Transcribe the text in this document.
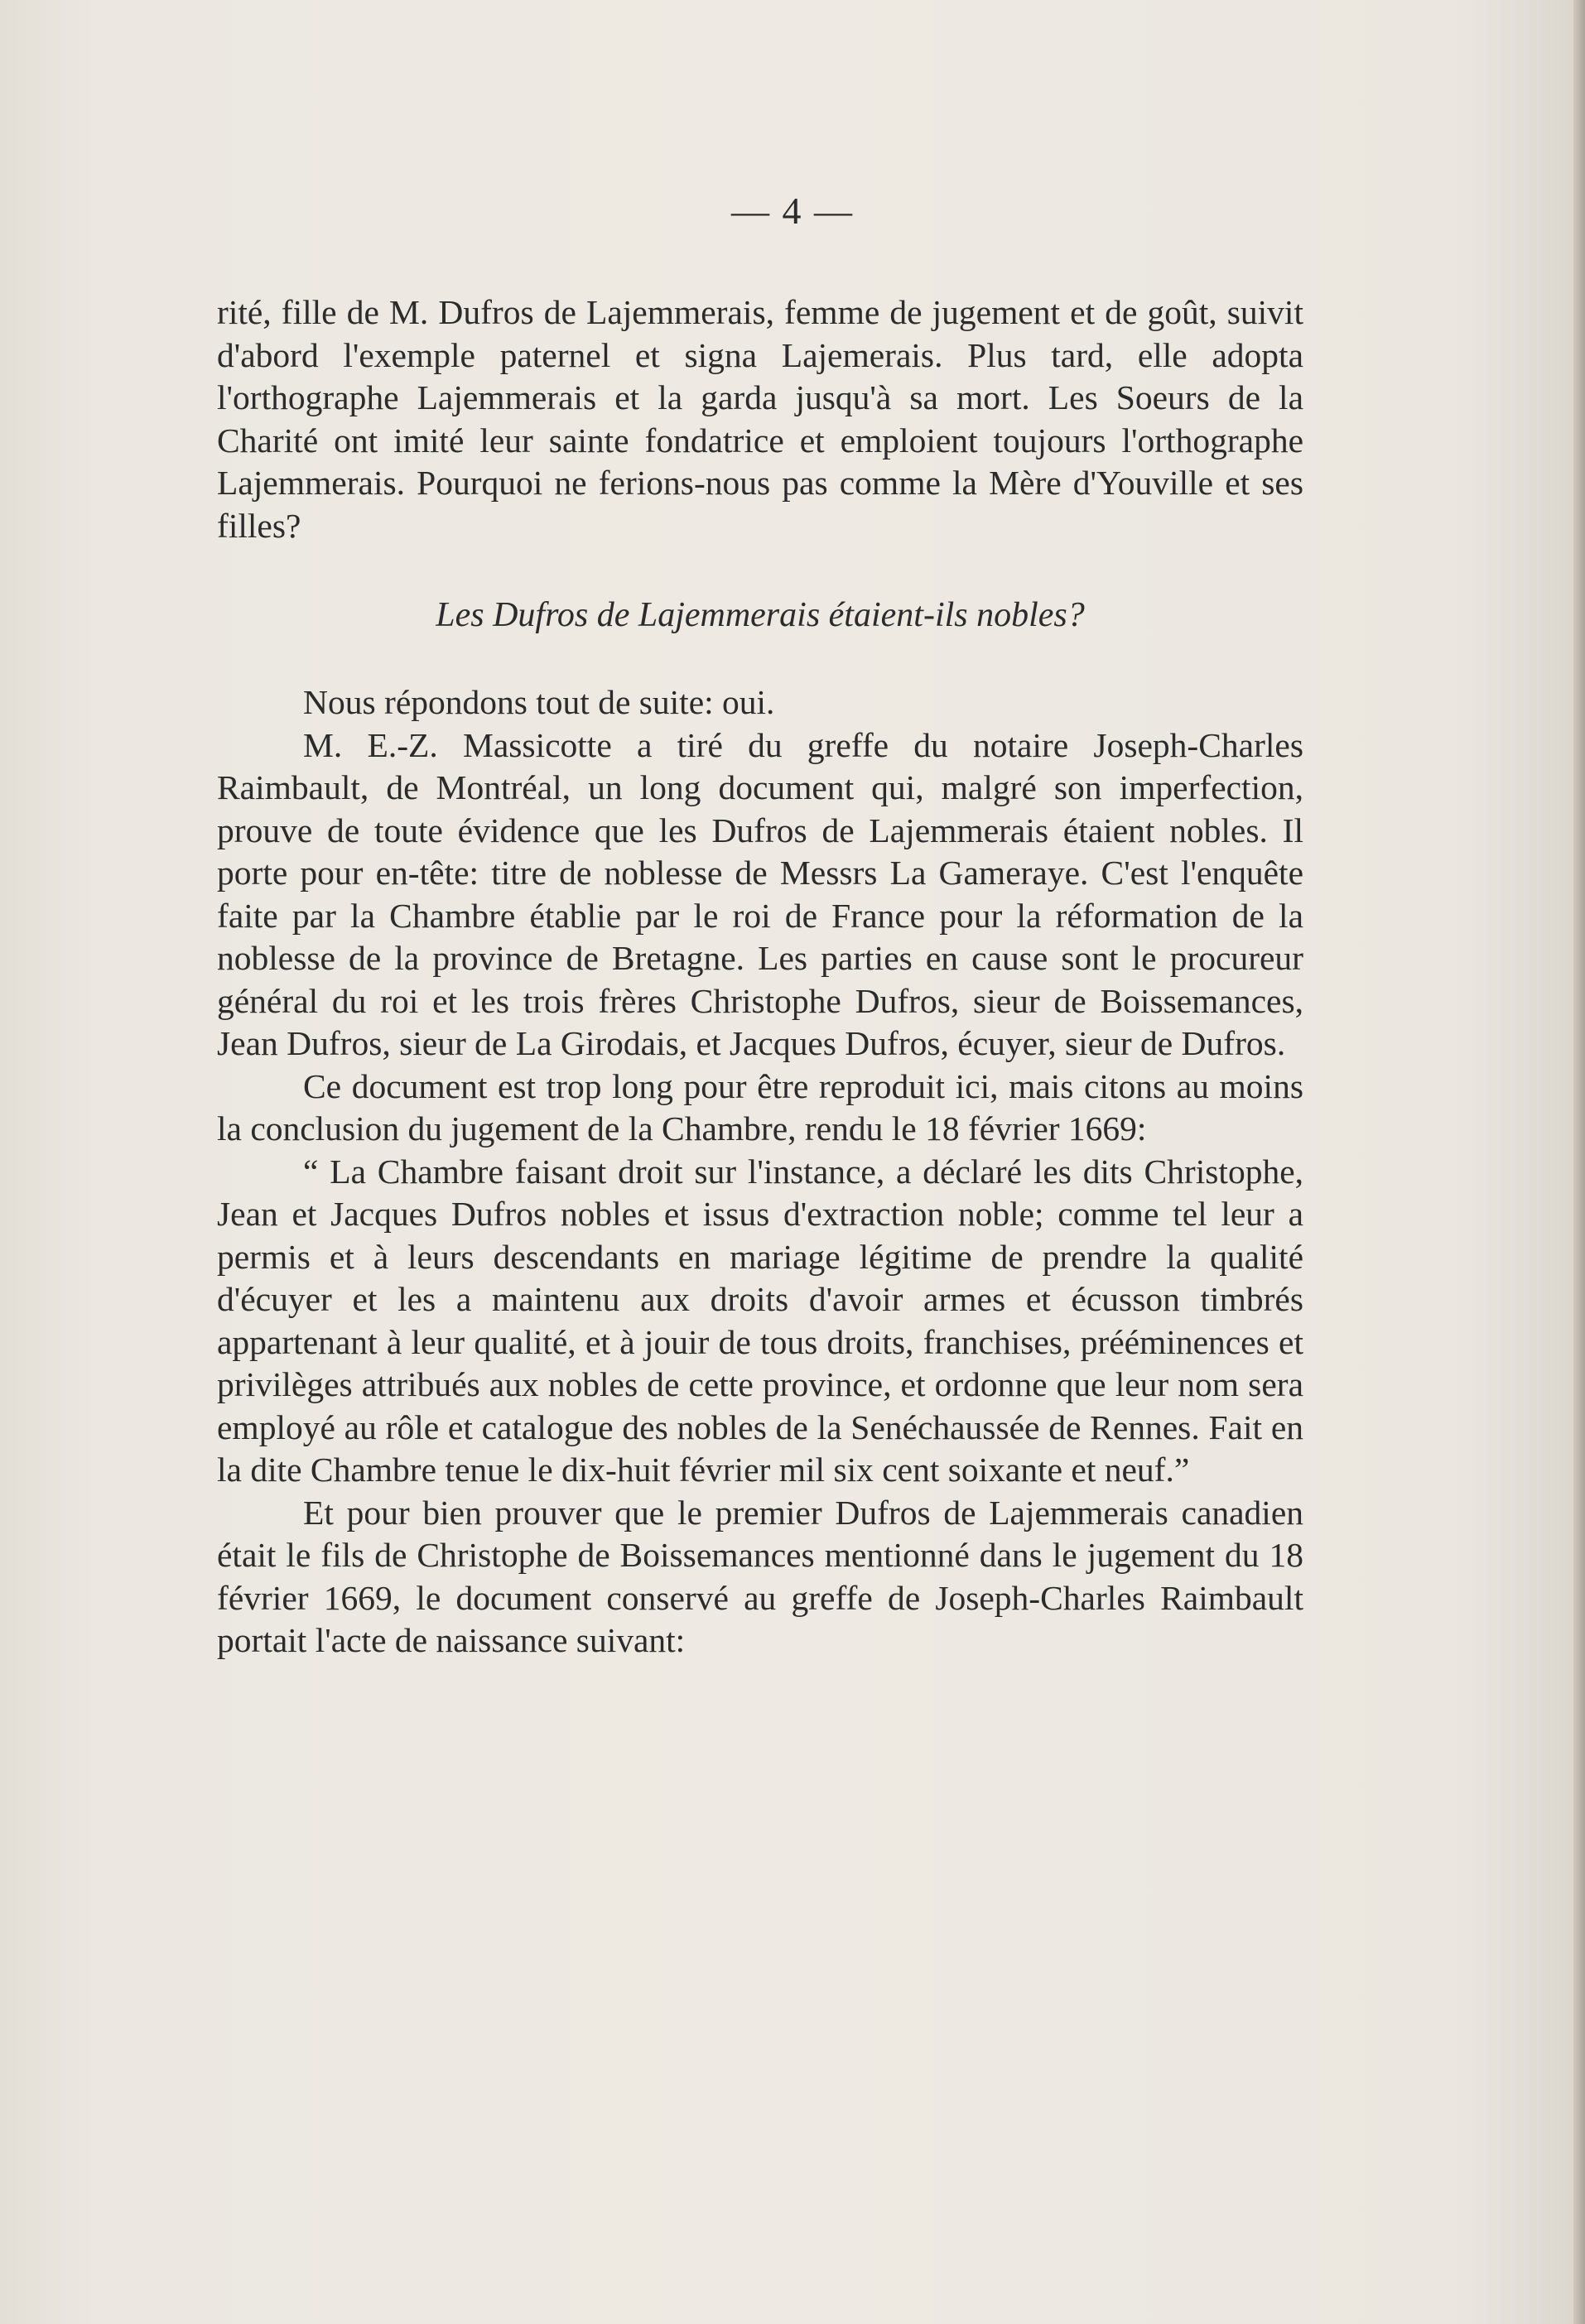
— 4 —

rité, fille de M. Dufros de Lajemmerais, femme de jugement et de goût, suivit d'abord l'exemple paternel et signa Lajemerais. Plus tard, elle adopta l'orthographe Lajemmerais et la garda jusqu'à sa mort. Les Soeurs de la Charité ont imité leur sainte fondatrice et emploient toujours l'orthographe Lajemmerais. Pourquoi ne ferions-nous pas comme la Mère d'Youville et ses filles?

Les Dufros de Lajemmerais étaient-ils nobles?

Nous répondons tout de suite: oui.

M. E.-Z. Massicotte a tiré du greffe du notaire Joseph-Charles Raimbault, de Montréal, un long document qui, malgré son imperfection, prouve de toute évidence que les Dufros de Lajemmerais étaient nobles. Il porte pour en-tête: titre de noblesse de Messrs La Gameraye. C'est l'enquête faite par la Chambre établie par le roi de France pour la réformation de la noblesse de la province de Bretagne. Les parties en cause sont le procureur général du roi et les trois frères Christophe Dufros, sieur de Boissemances, Jean Dufros, sieur de La Girodais, et Jacques Dufros, écuyer, sieur de Dufros.

Ce document est trop long pour être reproduit ici, mais citons au moins la conclusion du jugement de la Chambre, rendu le 18 février 1669:

“ La Chambre faisant droit sur l'instance, a déclaré les dits Christophe, Jean et Jacques Dufros nobles et issus d'extraction noble; comme tel leur a permis et à leurs descendants en mariage légitime de prendre la qualité d'écuyer et les a maintenu aux droits d'avoir armes et écusson timbrés appartenant à leur qualité, et à jouir de tous droits, franchises, prééminences et privilèges attribués aux nobles de cette province, et ordonne que leur nom sera employé au rôle et catalogue des nobles de la Senéchaussée de Rennes. Fait en la dite Chambre tenue le dix-huit février mil six cent soixante et neuf.”

Et pour bien prouver que le premier Dufros de Lajemmerais canadien était le fils de Christophe de Boissemances mentionné dans le jugement du 18 février 1669, le document conservé au greffe de Joseph-Charles Raimbault portait l'acte de naissance suivant:
